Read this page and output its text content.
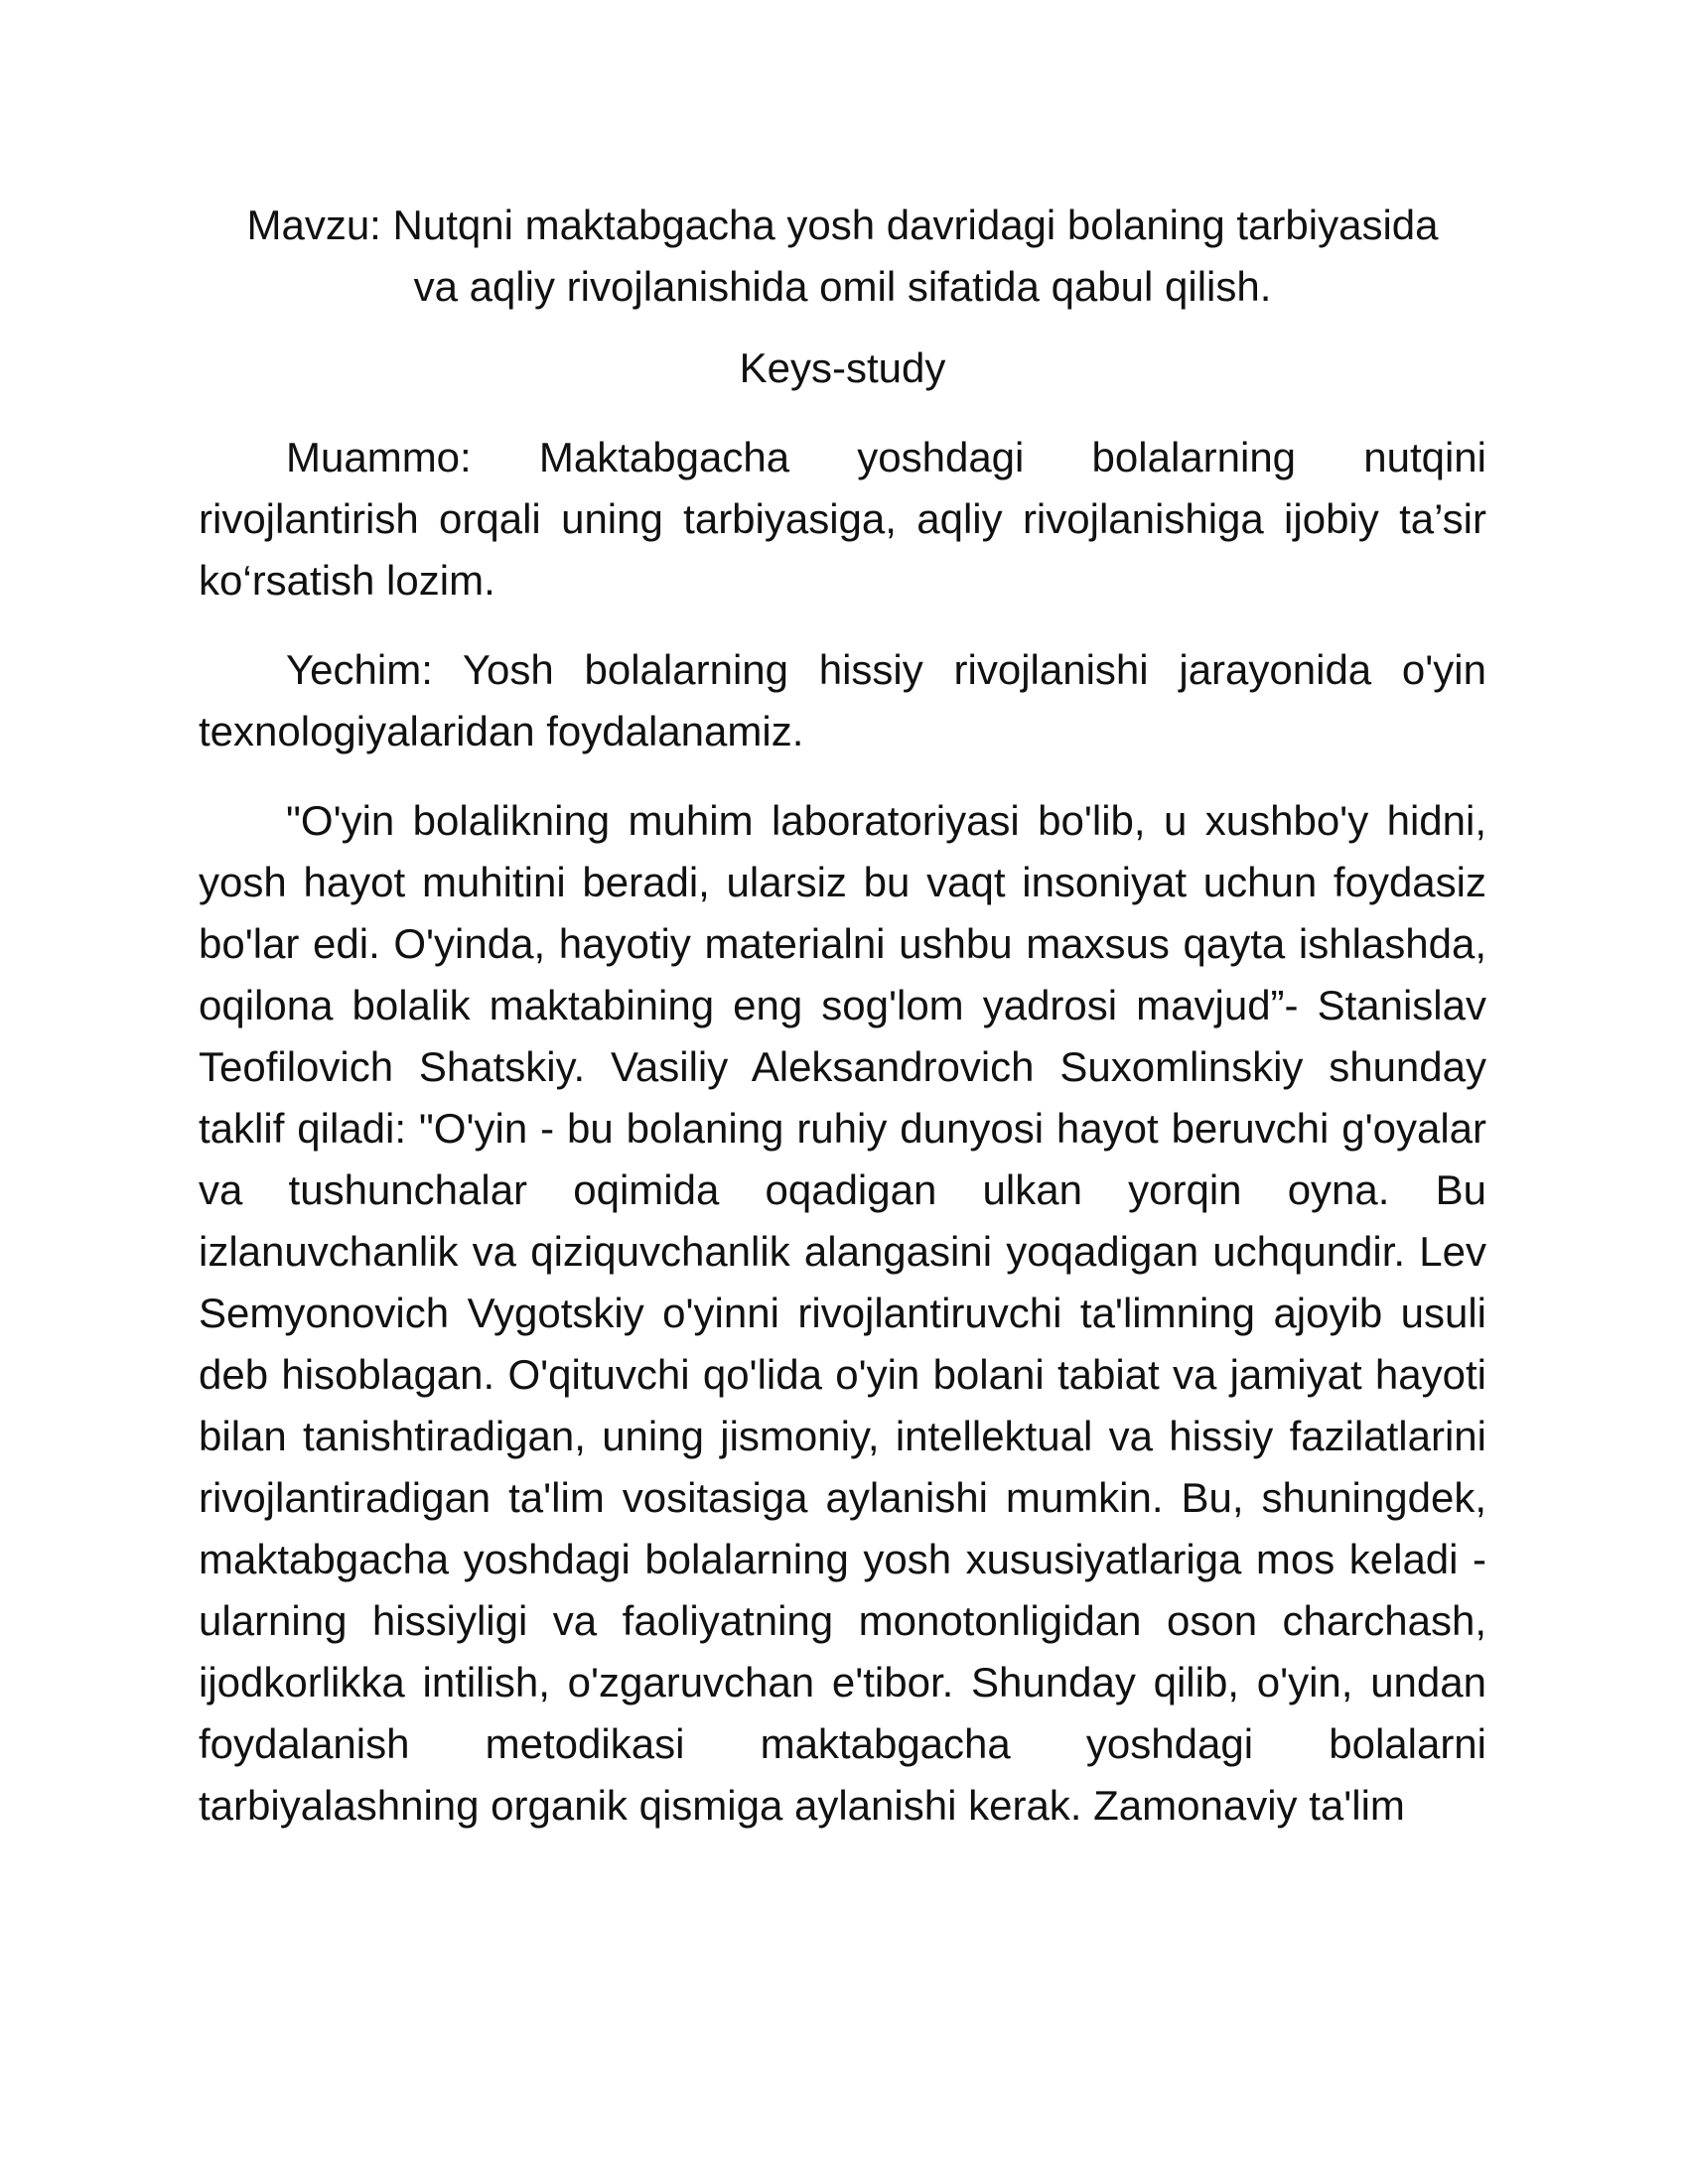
Mavzu: Nutqni maktabgacha yosh davridagi bolaning tarbiyasida
va aqliy rivojlanishida omil sifatida qabul qilish.

Keys-study

Muammo: Maktabgacha yoshdagi bolalarning nutqini rivojlantirish orqali uning tarbiyasiga, aqliy rivojlanishiga ijobiy ta’sir ko‘rsatish lozim.

Yechim: Yosh bolalarning hissiy rivojlanishi jarayonida o'yin texnologiyalaridan foydalanamiz.

"O'yin bolalikning muhim laboratoriyasi bo'lib, u xushbo'y hidni, yosh hayot muhitini beradi, ularsiz bu vaqt insoniyat uchun foydasiz bo'lar edi. O'yinda, hayotiy materialni ushbu maxsus qayta ishlashda, oqilona bolalik maktabining eng sog'lom yadrosi mavjud”- Stanislav Teofilovich Shatskiy. Vasiliy Aleksandrovich Suxomlinskiy shunday taklif qiladi: "O'yin - bu bolaning ruhiy dunyosi hayot beruvchi g'oyalar va tushunchalar oqimida oqadigan ulkan yorqin oyna. Bu izlanuvchanlik va qiziquvchanlik alangasini yoqadigan uchqundir. Lev Semyonovich Vygotskiy o'yinni rivojlantiruvchi ta'limning ajoyib usuli deb hisoblagan. O'qituvchi qo'lida o'yin bolani tabiat va jamiyat hayoti bilan tanishtiradigan, uning jismoniy, intellektual va hissiy fazilatlarini rivojlantiradigan ta'lim vositasiga aylanishi mumkin. Bu, shuningdek, maktabgacha yoshdagi bolalarning yosh xususiyatlariga mos keladi - ularning hissiyligi va faoliyatning monotonligidan oson charchash, ijodkorlikka intilish, o'zgaruvchan e'tibor. Shunday qilib, o'yin, undan foydalanish metodikasi maktabgacha yoshdagi bolalarni tarbiyalashning organik qismiga aylanishi kerak. Zamonaviy ta'lim
